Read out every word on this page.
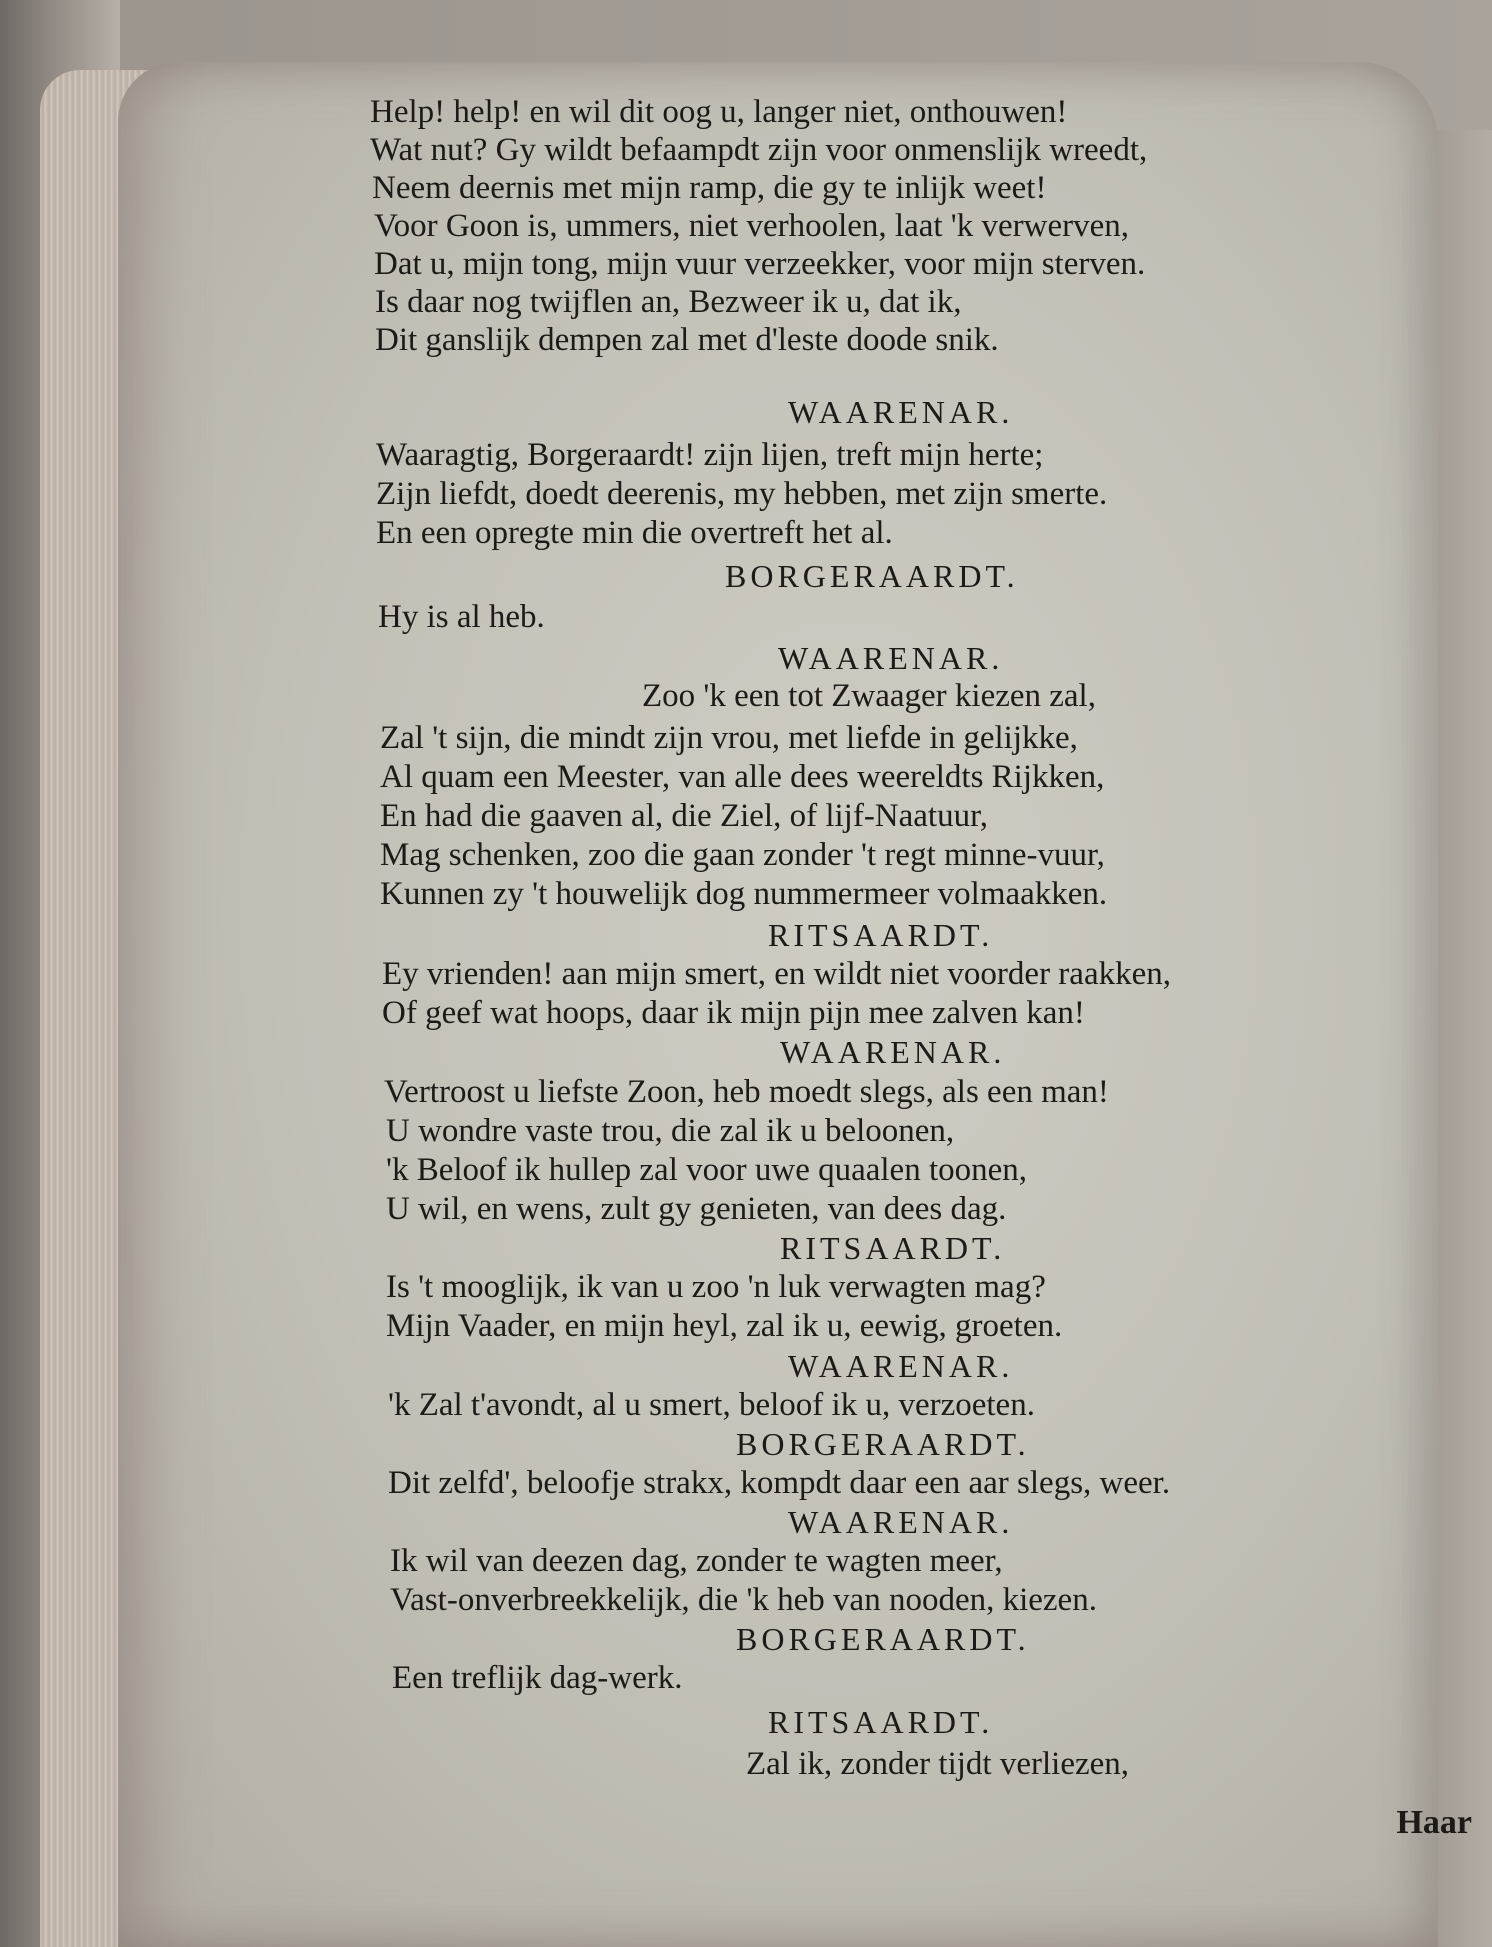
Help! help! en wil dit oog u, langer niet, onthouwen!
Wat nut? Gy wildt befaampdt zijn voor onmenslijk wreedt,
Neem deernis met mijn ramp, die gy te inlijk weet!
Voor Goon is, ummers, niet verhoolen, laat 'k verwerven,
Dat u, mijn tong, mijn vuur verzeekker, voor mijn sterven.
Is daar nog twijflen an, Bezweer ik u, dat ik,
Dit ganslijk dempen zal met d'leste doode snik.
WAARENAR.
Waaragtig, Borgeraardt! zijn lijen, treft mijn herte;
Zijn liefdt, doedt deerenis, my hebben, met zijn smerte.
En een opregte min die overtreft het al.
BORGERAARDT.
Hy is al heb.
WAARENAR.
Zoo 'k een tot Zwaager kiezen zal,
Zal 't sijn, die mindt zijn vrou, met liefde in gelijkke,
Al quam een Meester, van alle dees weereldts Rijkken,
En had die gaaven al, die Ziel, of lijf-Naatuur,
Mag schenken, zoo die gaan zonder 't regt minne-vuur,
Kunnen zy 't houwelijk dog nummermeer volmaakken.
RITSAARDT.
Ey vrienden! aan mijn smert, en wildt niet voorder raakken,
Of geef wat hoops, daar ik mijn pijn mee zalven kan!
WAARENAR.
Vertroost u liefste Zoon, heb moedt slegs, als een man!
U wondre vaste trou, die zal ik u beloonen,
'k Beloof ik hullep zal voor uwe quaalen toonen,
U wil, en wens, zult gy genieten, van dees dag.
RITSAARDT.
Is 't mooglijk, ik van u zoo 'n luk verwagten mag?
Mijn Vaader, en mijn heyl, zal ik u, eewig, groeten.
WAARENAR.
'k Zal t'avondt, al u smert, beloof ik u, verzoeten.
BORGERAARDT.
Dit zelfd', beloofje strakx, kompdt daar een aar slegs, weer.
WAARENAR.
Ik wil van deezen dag, zonder te wagten meer,
Vast-onverbreekkelijk, die 'k heb van nooden, kiezen.
BORGERAARDT.
Een treflijk dag-werk.
RITSAARDT.
Zal ik, zonder tijdt verliezen,
Haar
